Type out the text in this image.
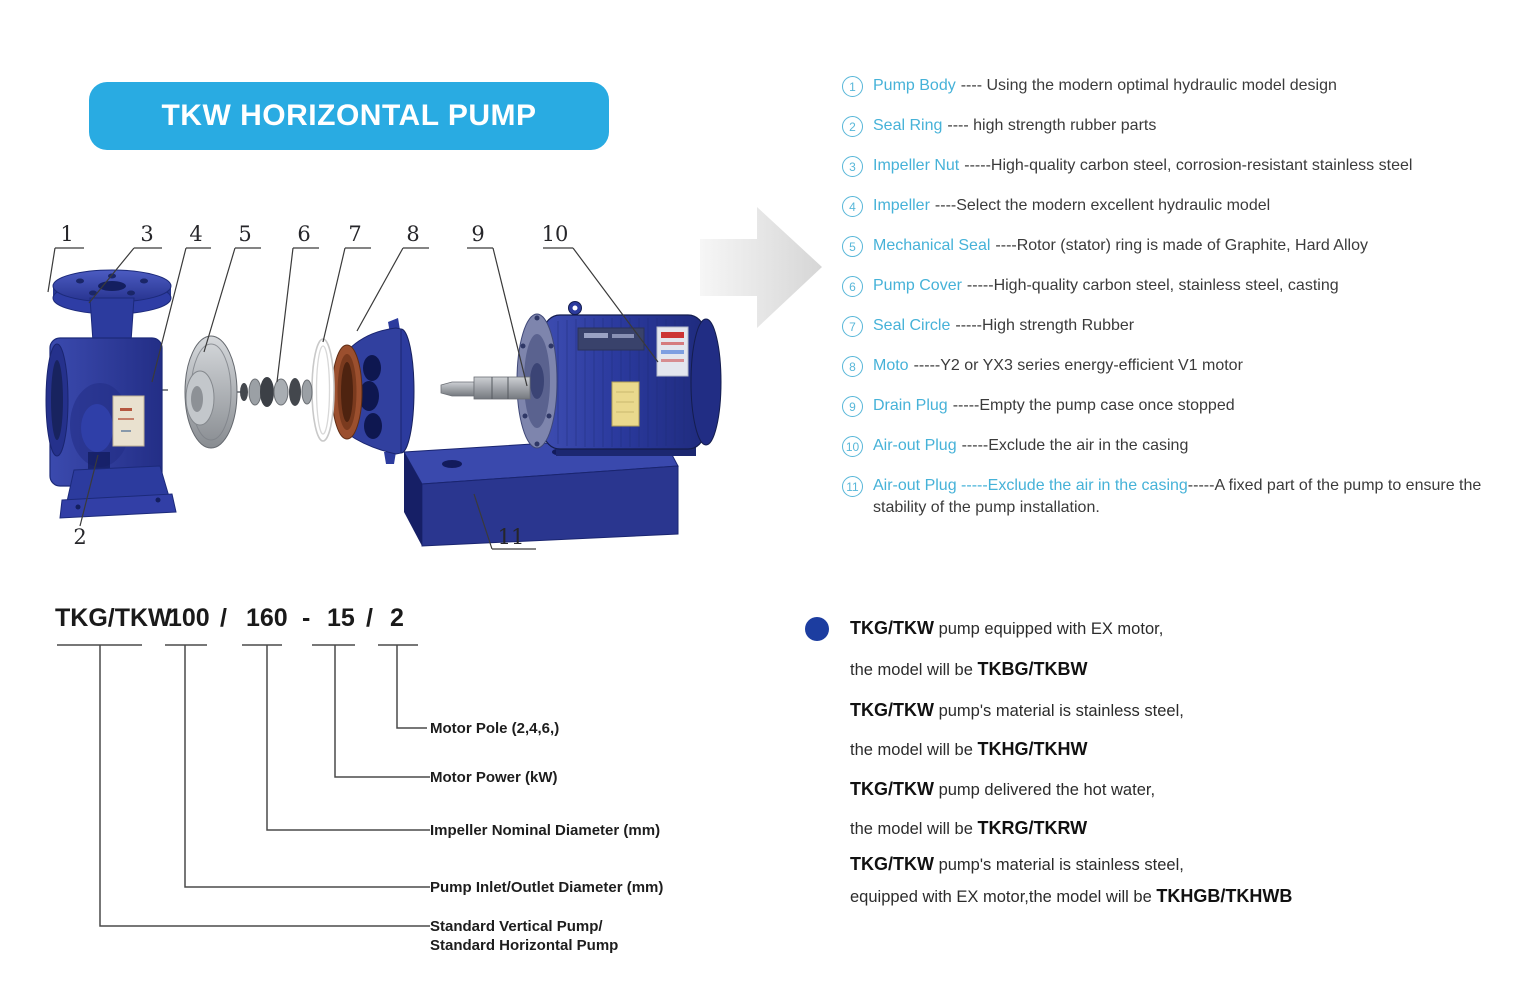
TKW HORIZONTAL PUMP
1
2
3 4 5 6 7 8 9	10
11
1	Pump Body ---- Using the modern optimal hydraulic model design
2	Seal Ring ---- high strength rubber parts
3	Impeller Nut -----High-quality carbon steel, corrosion-resistant stainless steel
4	Impeller ----Select the modern excellent hydraulic model
5	Mechanical Seal ----Rotor (stator) ring is made of Graphite, Hard Alloy
6	Pump Cover -----High-quality carbon steel, stainless steel, casting
7	Seal Circle -----High strength Rubber
8	Moto -----Y2 or YX3 series energy-efficient V1 motor
9	Drain Plug -----Empty the pump case once stopped
10 Air-out Plug -----Exclude the air in the casing
11 Air-out Plug -----Exclude the air in the casing-----A fixed part of the pump to ensure the stability of the pump installation.
TKG/TKW
100 / 160 - 15 / 2
Motor Pole (2,4,6,)
Motor Power (kW)
Impeller Nominal Diameter (mm)
Pump Inlet/Outlet Diameter (mm)
Standard Vertical Pump/
Standard Horizontal Pump
TKG/TKW pump equipped with EX motor,
the model will be TKBG/TKBW
TKG/TKW pump's material is stainless steel,
the model will be TKHG/TKHW
TKG/TKW pump delivered the hot water,
the model will be TKRG/TKRW
TKG/TKW pump's material is stainless steel,
equipped with EX motor,the model will be TKHGB/TKHWB
